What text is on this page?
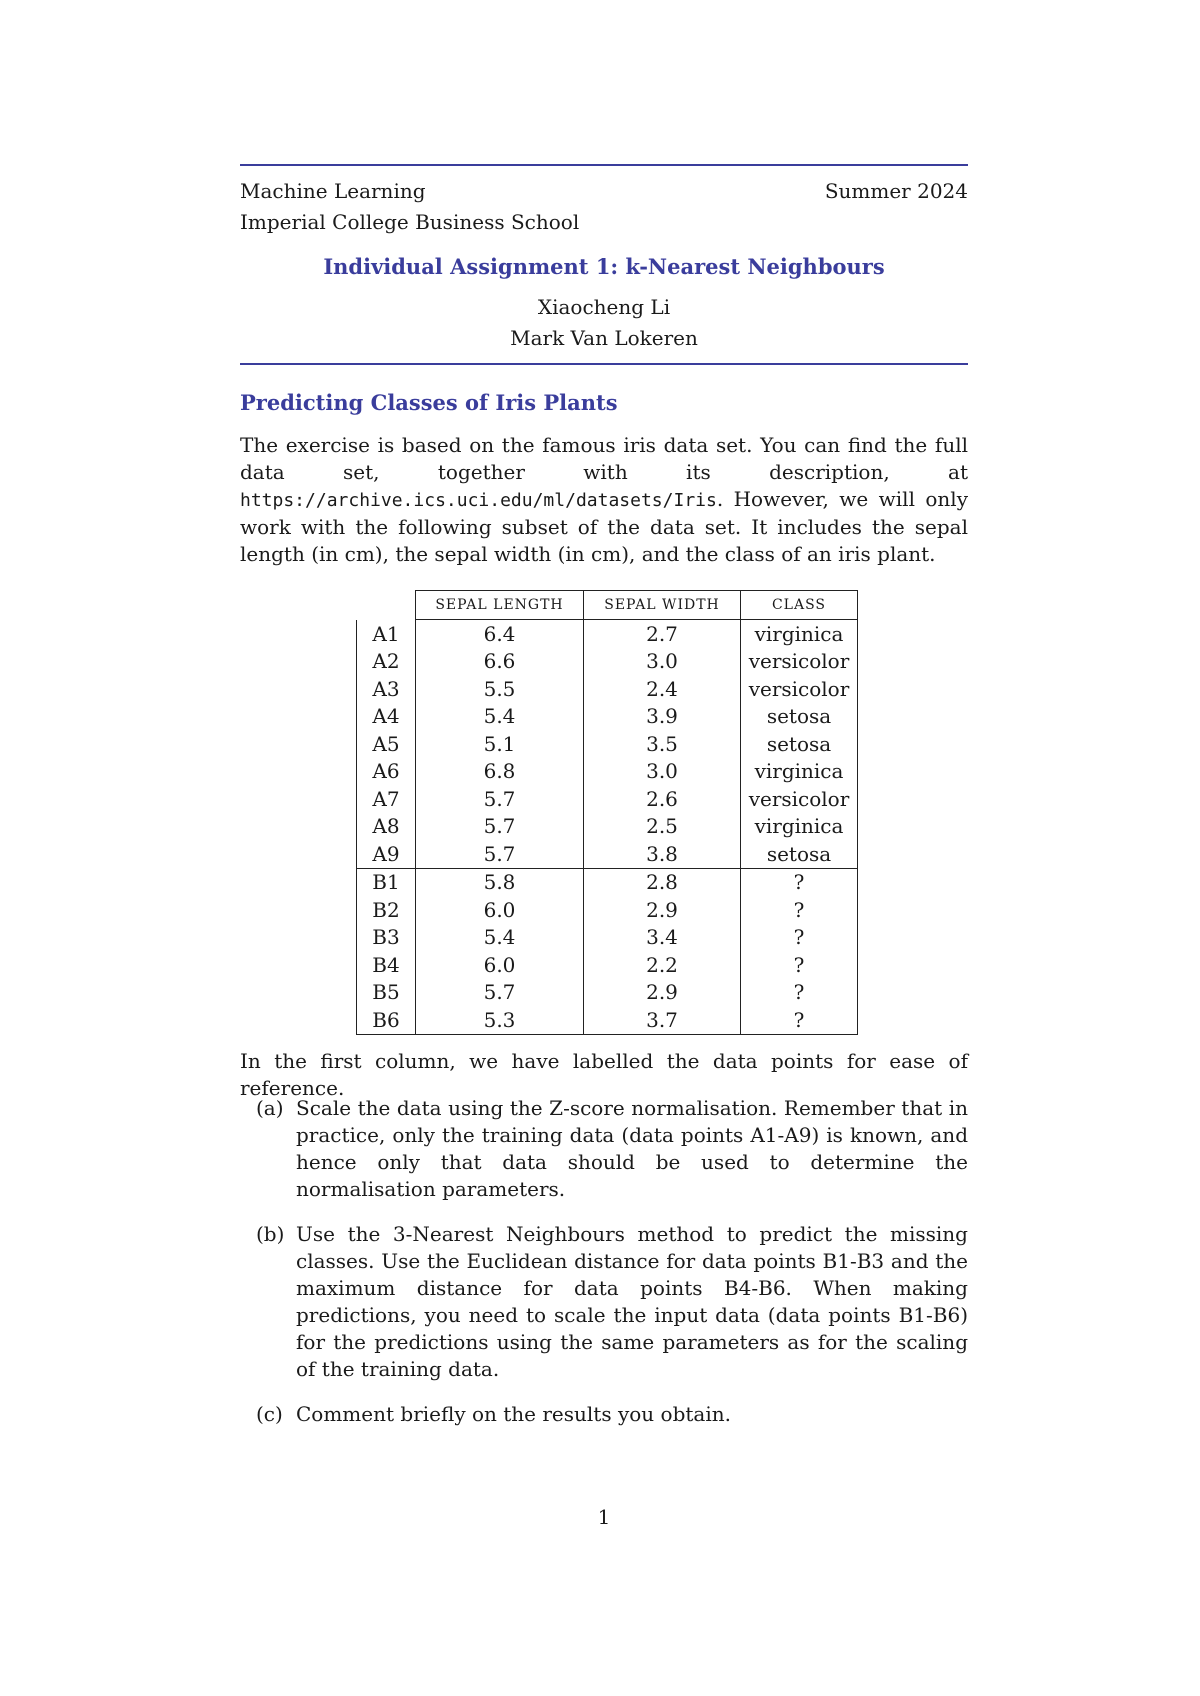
Machine Learning	Summer 2024
Imperial College Business School
Individual Assignment 1: k-Nearest Neighbours
Xiaocheng Li
Mark Van Lokeren
Predicting Classes of Iris Plants
The exercise is based on the famous iris data set. You can find the full data set, together with its description, at https://archive.ics.uci.edu/ml/datasets/Iris. However, we will only work with the following subset of the data set. It includes the sepal length (in cm), the sepal width (in cm), and the class of an iris plant.
	SEPAL LENGTH	SEPAL WIDTH	CLASS
A1	6.4	2.7	virginica
A2	6.6	3.0	versicolor
A3	5.5	2.4	versicolor
A4	5.4	3.9	setosa
A5	5.1	3.5	setosa
A6	6.8	3.0	virginica
A7	5.7	2.6	versicolor
A8	5.7	2.5	virginica
A9	5.7	3.8	setosa
B1	5.8	2.8	?
B2	6.0	2.9	?
B3	5.4	3.4	?
B4	6.0	2.2	?
B5	5.7	2.9	?
B6	5.3	3.7	?
In the first column, we have labelled the data points for ease of reference.
(a) Scale the data using the Z-score normalisation. Remember that in practice, only the training data (data points A1-A9) is known, and hence only that data should be used to determine the normalisation parameters.
(b) Use the 3-Nearest Neighbours method to predict the missing classes. Use the Euclidean distance for data points B1-B3 and the maximum distance for data points B4-B6. When making predictions, you need to scale the input data (data points B1-B6) for the predictions using the same parameters as for the scaling of the training data.
(c) Comment briefly on the results you obtain.
1
